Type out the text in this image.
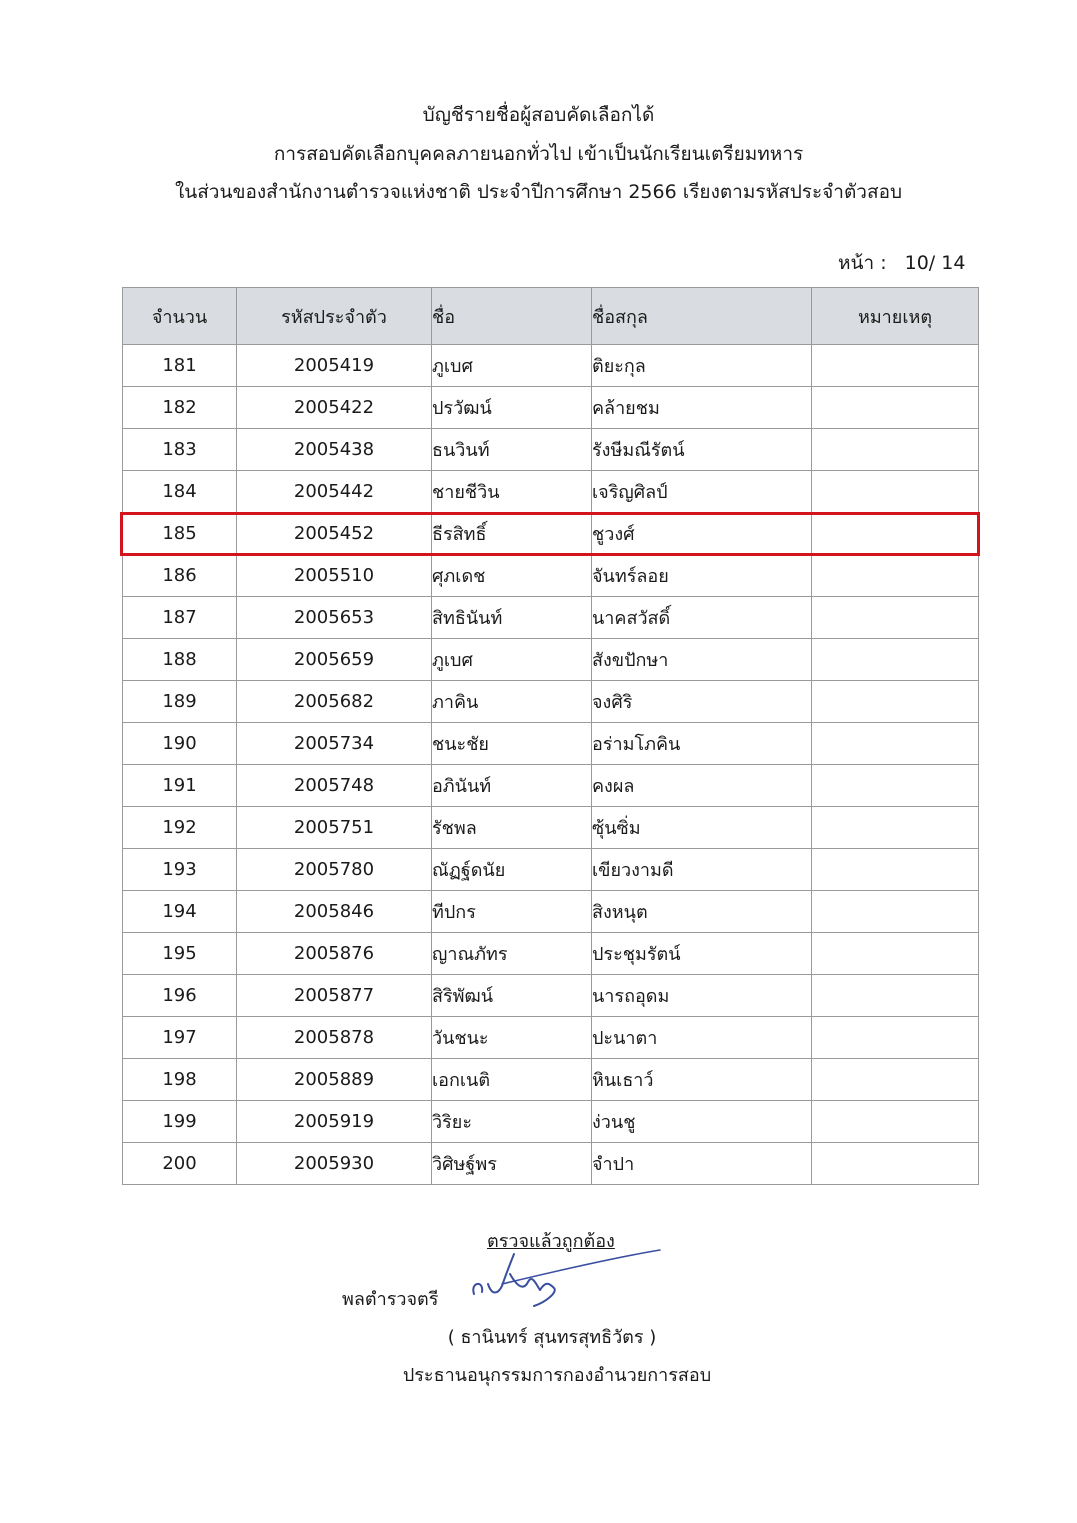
บัญชีรายชื่อผู้สอบคัดเลือกได้
การสอบคัดเลือกบุคคลภายนอกทั่วไป เข้าเป็นนักเรียนเตรียมทหาร
ในส่วนของสำนักงานตำรวจแห่งชาติ ประจำปีการศึกษา 2566 เรียงตามรหัสประจำตัวสอบ
หน้า : 10/ 14
จำนวน	รหัสประจำตัว	ชื่อ	ชื่อสกุล	หมายเหตุ
181	2005419	ภูเบศ	ติยะกุล	
182	2005422	ปรวัฒน์	คล้ายชม	
183	2005438	ธนวินท์	รังษีมณีรัตน์	
184	2005442	ชายชีวิน	เจริญศิลป์	
185	2005452	ธีรสิทธิ์	ชูวงศ์	
186	2005510	ศุภเดช	จันทร์ลอย	
187	2005653	สิทธินันท์	นาคสวัสดิ์	
188	2005659	ภูเบศ	สังขปักษา	
189	2005682	ภาคิน	จงศิริ	
190	2005734	ชนะชัย	อร่ามโภคิน	
191	2005748	อภินันท์	คงผล	
192	2005751	รัชพล	ซุ้นซิ่ม	
193	2005780	ณัฏฐ์ดนัย	เขียวงามดี	
194	2005846	ทีปกร	สิงหนุต	
195	2005876	ญาณภัทร	ประชุมรัตน์	
196	2005877	สิริพัฒน์	นารถอุดม	
197	2005878	วันชนะ	ปะนาตา	
198	2005889	เอกเนติ	หินเธาว์	
199	2005919	วิริยะ	ง่วนชู	
200	2005930	วิศิษฐ์พร	จำปา	
ตรวจแล้วถูกต้อง
พลตำรวจตรี
( ธานินทร์ สุนทรสุทธิวัตร )
ประธานอนุกรรมการกองอำนวยการสอบ
